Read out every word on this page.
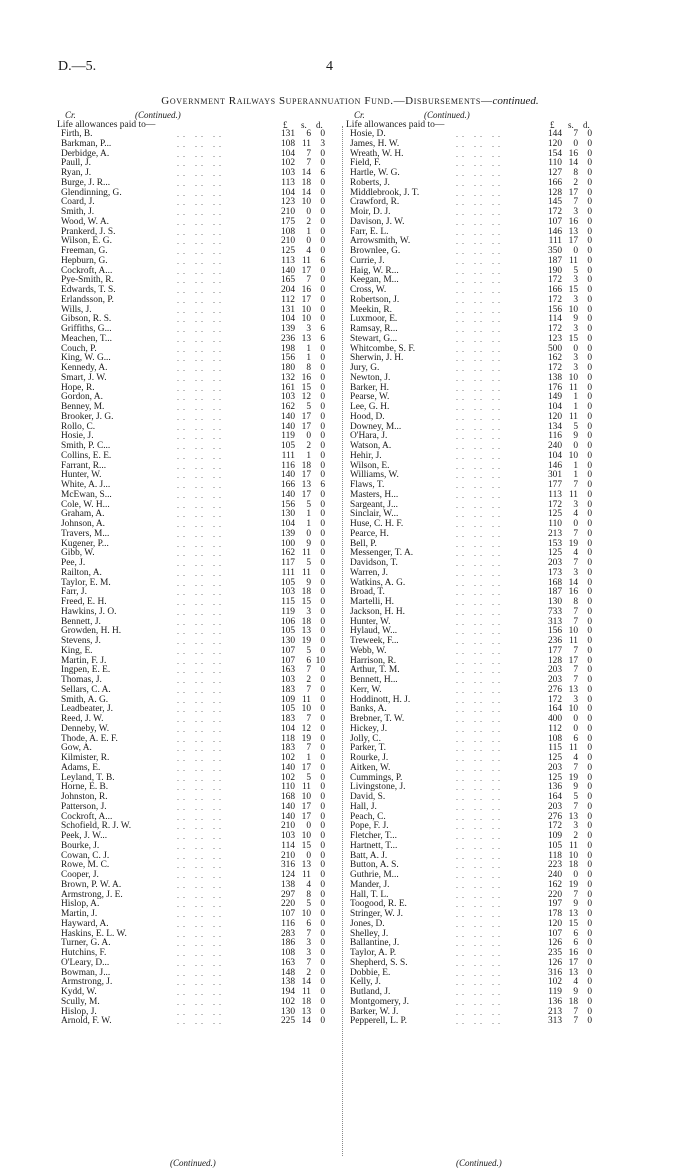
D.—5.	4
Government Railways Superannuation Fund.—Disbursements—continued.
Cr.	(Continued.)
Life allowances paid to—	£ s. d.
.. .. ..
Firth, B.	131	6 0
.. .. ..
Barkman, P...	108 11 3
.. .. ..
Derbidge, A.	104	7 0
.. .. ..
Paull, J.	102	7 0
.. .. ..
Ryan, J.	103 14 6
.. .. ..
Burge, J. R...	113 18 0
.. .. ..
Glendinning, G.	104 14 0
.. .. ..
Coard, J.	123 10 0
.. .. ..
Smith, J.	210	0 0
.. .. ..
Wood, W. A.	175	2 0
.. .. ..
Prankerd, J. S.	108	1 0
.. .. ..
Wilson, E. G.	210	0 0
.. .. ..
Freeman, G.	125	4 0
.. .. ..
Hepburn, G.	113 11 6
.. .. ..
Cockroft, A...	140 17 0
.. .. ..
Pye-Smith, R.	165	7 0
.. .. ..
Edwards, T. S.	204 16 0
.. .. ..
Erlandsson, P.	112 17 0
.. .. ..
Wills, J.	131 10 0
.. .. ..
Gibson, R. S.	104 10 0
.. .. ..
Griffiths, G...	139	3 6
.. .. ..
Meachen, T...	236 13 6
.. .. ..
Couch, P.	198	1 0
.. .. ..
King, W. G...	156	1 0
.. .. ..
Kennedy, A.	180	8 0
.. .. ..
Smart, J. W.	132 16 0
.. .. ..
Hope, R.	161 15 0
.. .. ..
Gordon, A.	103 12 0
.. .. ..
Benney, M.	162	5 0
.. .. ..
Brooker, J. G.	140 17 0
.. .. ..
Rollo, C.	140 17 0
.. .. ..
Hosie, J.	119	0 0
.. .. ..
Smith, P. C...	105	2 0
.. .. ..
Collins, E. E.	111	1 0
.. .. ..
Farrant, R...	116 18 0
.. .. ..
Hunter, W.	140 17 0
.. .. ..
White, A. J...	166 13 6
.. .. ..
McEwan, S...	140 17 0
.. .. ..
Cole, W. H...	156	5 0
.. .. ..
Graham, A.	130	1 0
.. .. ..
Johnson, A.	104	1 0
.. .. ..
Travers, M...	139	0 0
.. .. ..
Kugener, P...	100	9 0
.. .. ..
Gibb, W.	162 11 0
.. .. ..
Pee, J.	117	5 0
.. .. ..
Railton, A.	111 11 0
.. .. ..
Taylor, E. M.	105	9 0
.. .. ..
Farr, J.	103 18 0
.. .. ..
Freed, E. H.	115 15 0
.. .. ..
Hawkins, J. O.	119	3 0
.. .. ..
Bennett, J.	106 18 0
.. .. ..
Growden, H. H.	105 13 0
.. .. ..
Stevens, J.	130 19 0
.. .. ..
King, E.	107	5 0
.. .. ..
Martin, F. J.	107	6 10
.. .. ..
Ingpen, E. E.	163	7 0
.. .. ..
Thomas, J.	103	2 0
.. .. ..
Sellars, C. A.	183	7 0
.. .. ..
Smith, A. G.	109 11 0
.. .. ..
Leadbeater, J.	105 10 0
.. .. ..
Reed, J. W.	183	7 0
.. .. ..
Denneby, W.	104 12 0
.. .. ..
Thode, A. E. F.	118 19 0
.. .. ..
Gow, A.	183	7 0
.. .. ..
Kilmister, R.	102	1 0
.. .. ..
Adams, E.	140 17 0
.. .. ..
Leyland, T. B.	102	5 0
.. .. ..
Horne, E. B.	110 11 0
.. .. ..
Johnston, R.	168 10 0
.. .. ..
Patterson, J.	140 17 0
.. .. ..
Cockroft, A...	140 17 0
.. .. ..
Schofield, R. J. W.	210	0 0
.. .. ..
Peek, J. W...	103 10 0
.. .. ..
Bourke, J.	114 15 0
.. .. ..
Cowan, C. J.	210	0 0
.. .. ..
Rowe, M. C.	316 13 0
.. .. ..
Cooper, J.	124 11 0
.. .. ..
Brown, P. W. A.	138	4 0
.. .. ..
Armstrong, J. E.	297	8 0
.. .. ..
Hislop, A.	220	5 0
.. .. ..
Martin, J.	107 10 0
.. .. ..
Hayward, A.	116	6 0
.. .. ..
Haskins, E. L. W.	283	7 0
.. .. ..
Turner, G. A.	186	3 0
.. .. ..
Hutchins, F.	108	3 0
.. .. ..
O'Leary, D...	163	7 0
.. .. ..
Bowman, J...	148	2 0
.. .. ..
Armstrong, J.	138 14 0
.. .. ..
Kydd, W.	194 11 0
.. .. ..
Scully, M.	102 18 0
.. .. ..
Hislop, J.	130 13 0
.. .. ..
Arnold, F. W.	225 14 0
Cr.	(Continued.)
Life allowances paid to—	£ s. d.
.. .. ..
Hosie, D.	144	7 0
.. .. ..
James, H. W.	120	0 0
.. .. ..
Wreath, W. H.	154 16 0
.. .. ..
Field, F.	110 14 0
.. .. ..
Hartle, W. G.	127	8 0
.. .. ..
Roberts, J.	166	2 0
.. .. ..
Middlebrook, J. T.	128 17 0
.. .. ..
Crawford, R.	145	7 0
.. .. ..
Moir, D. J.	172	3 0
.. .. ..
Davison, J. W.	107 16 0
.. .. ..
Farr, E. L.	146 13 0
.. .. ..
Arrowsmith, W.	111 17 0
.. .. ..
Brownlee, G.	350	0 0
.. .. ..
Currie, J.	187 11 0
.. .. ..
Haig, W. R...	190	5 0
.. .. ..
Keegan, M...	172	3 0
.. .. ..
Cross, W.	166 15 0
.. .. ..
Robertson, J.	172	3 0
.. .. ..
Meekin, R.	156 10 0
.. .. ..
Luxmoor, E.	114	9 0
.. .. ..
Ramsay, R...	172	3 0
.. .. ..
Stewart, G...	123 15 0
.. .. ..
Whitcombe, S. F.	500	0 0
.. .. ..
Sherwin, J. H.	162	3 0
.. .. ..
Jury, G.	172	3 0
.. .. ..
Newton, J.	138 10 0
.. .. ..
Barker, H.	176 11 0
.. .. ..
Pearse, W.	149	1 0
.. .. ..
Lee, G. H.	104	1 0
.. .. ..
Hood, D.	120 11 0
.. .. ..
Downey, M...	134	5 0
.. .. ..
O'Hara, J.	116	9 0
.. .. ..
Watson, A.	240	0 0
.. .. ..
Hehir, J.	104 10 0
.. .. ..
Wilson, E.	146	1 0
.. .. ..
Williams, W.	301	1 0
.. .. ..
Flaws, T.	177	7 0
.. .. ..
Masters, H...	113 11 0
.. .. ..
Sargeant, J...	172	3 0
.. .. ..
Sinclair, W...	125	4 0
.. .. ..
Huse, C. H. F.	110	0 0
.. .. ..
Pearce, H.	213	7 0
.. .. ..
Bell, P.	153 19 0
.. .. ..
Messenger, T. A.	125	4 0
.. .. ..
Davidson, T.	203	7 0
.. .. ..
Warren, J.	173	3 0
.. .. ..
Watkins, A. G.	168 14 0
.. .. ..
Broad, T.	187 16 0
.. .. ..
Martelli, H.	130	8 0
.. .. ..
Jackson, H. H.	733	7 0
.. .. ..
Hunter, W.	313	7 0
.. .. ..
Hylaud, W...	156 10 0
.. .. ..
Treweek, F...	236 11 0
.. .. ..
Webb, W.	177	7 0
.. .. ..
Harrison, R.	128 17 0
.. .. ..
Arthur, T. M.	203	7 0
.. .. ..
Bennett, H...	203	7 0
.. .. ..
Kerr, W.	276 13 0
.. .. ..
Hoddinott, H. J.	172	3 0
.. .. ..
Banks, A.	164 10 0
.. .. ..
Brebner, T. W.	400	0 0
.. .. ..
Hickey, J.	112	0 0
.. .. ..
Jolly, C.	108	6 0
.. .. ..
Parker, T.	115 11 0
.. .. ..
Rourke, J.	125	4 0
.. .. ..
Aitken, W.	203	7 0
.. .. ..
Cummings, P.	125 19 0
.. .. ..
Livingstone, J.	136	9 0
.. .. ..
David, S.	164	5 0
.. .. ..
Hall, J.	203	7 0
.. .. ..
Peach, C.	276 13 0
.. .. ..
Pope, F. J.	172	3 0
.. .. ..
Fletcher, T...	109	2 0
.. .. ..
Hartnett, T...	105 11 0
.. .. ..
Batt, A. J.	118 10 0
.. .. ..
Button, A. S.	223 18 0
.. .. ..
Guthrie, M...	240	0 0
.. .. ..
Mander, J.	162 19 0
.. .. ..
Hall, T. L.	220	7 0
.. .. ..
Toogood, R. E.	197	9 0
.. .. ..
Stringer, W. J.	178 13 0
.. .. ..
Jones, D.	120 15 0
.. .. ..
Shelley, J.	107	6 0
.. .. ..
Ballantine, J.	126	6 0
.. .. ..
Taylor, A. P.	235 16 0
.. .. ..
Shepherd, S. S.	126 17 0
.. .. ..
Dobbie, E.	316 13 0
.. .. ..
Kelly, J.	102	4 0
.. .. ..
Butland, J.	119	9 0
.. .. ..
Montgomery, J.	136 18 0
.. .. ..
Barker, W. J.	213	7 0
.. .. ..
Pepperell, L. P.	313	7 0
(Continued.)	(Continued.)
